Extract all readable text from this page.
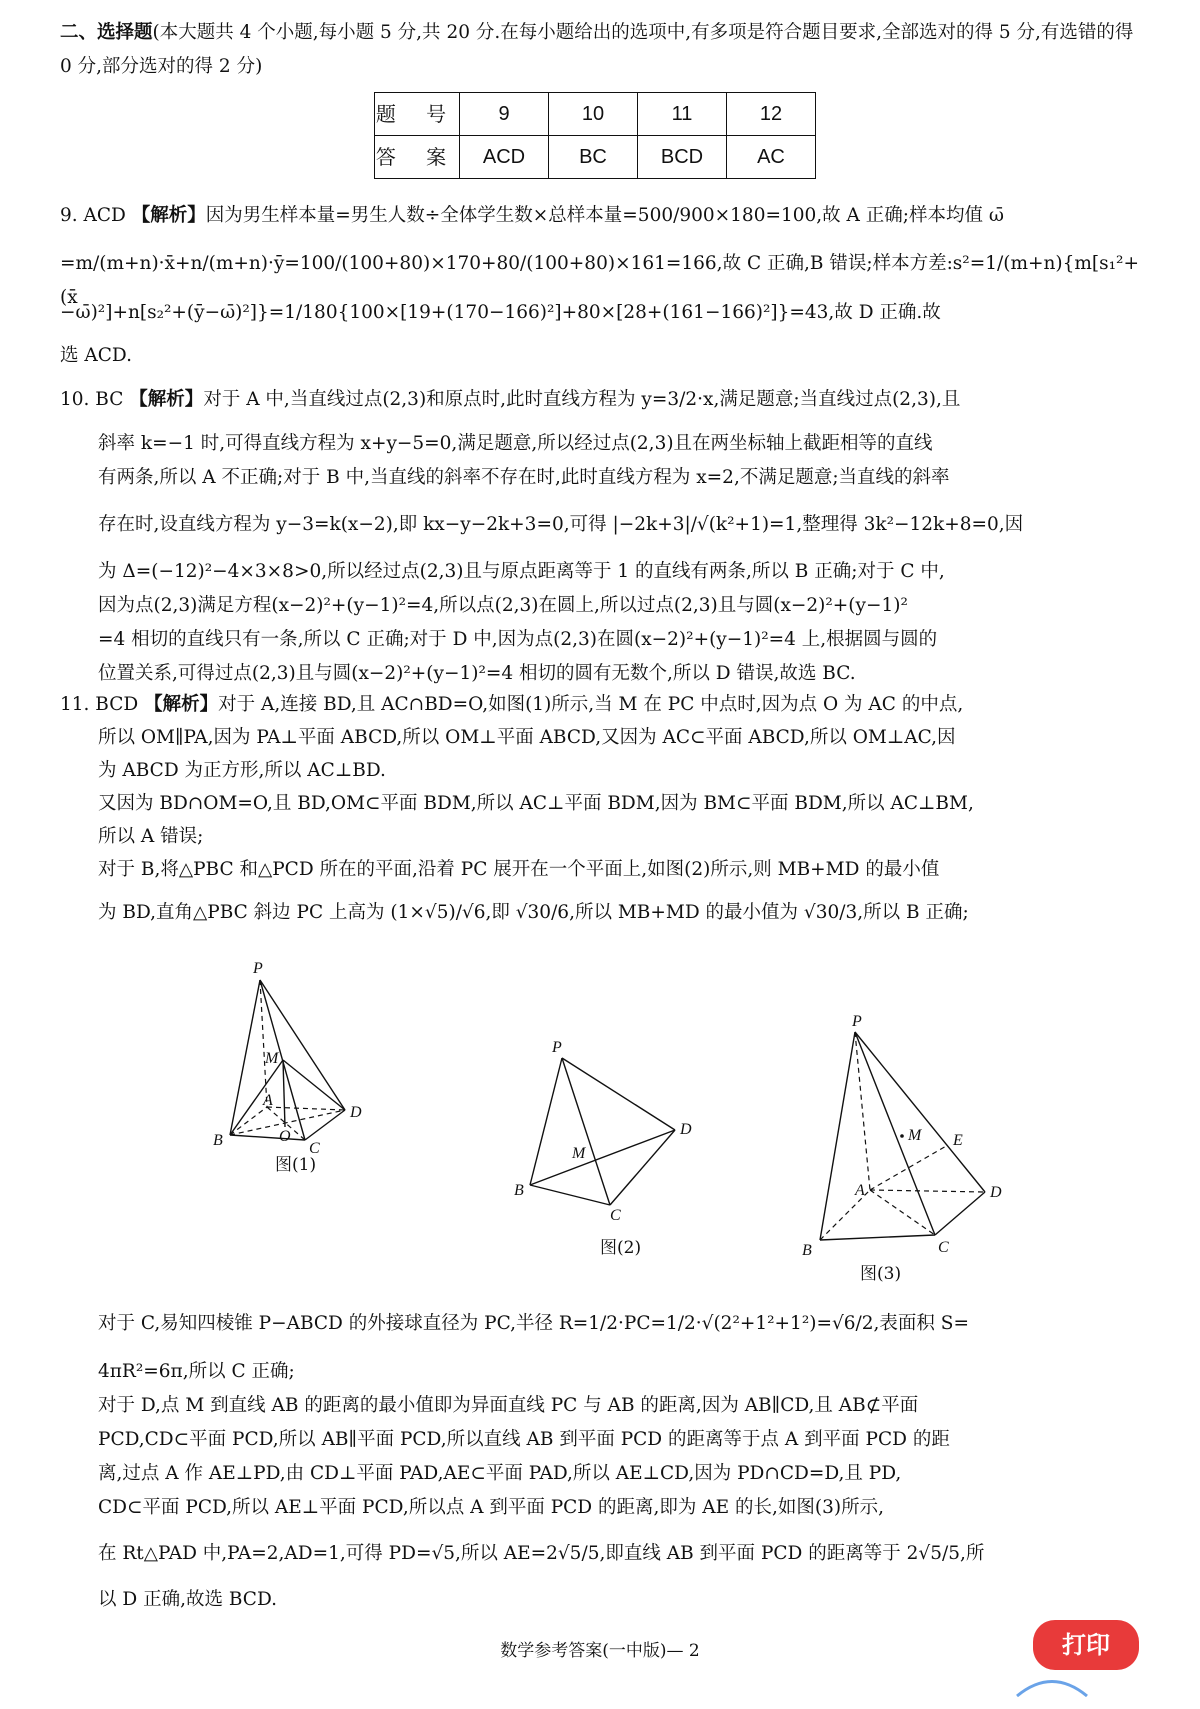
二、选择题(本大题共 4 个小题,每小题 5 分,共 20 分.在每小题给出的选项中,有多项是符合题目要求,全部选对的得 5 分,有选错的得 0 分,部分选对的得 2 分)

题 号	9	10	11	12
答 案	ACD	BC	BCD	AC

9. ACD 【解析】因为男生样本量=男生人数÷全体学生数×总样本量=500/900×180=100,故 A 正确;样本均值 ω̄

=m/(m+n)·x̄+n/(m+n)·ȳ=100/(100+80)×170+80/(100+80)×161=166,故 C 正确,B 错误;样本方差:s²=1/(m+n){m[s₁²+(x̄

−ω̄)²]+n[s₂²+(ȳ−ω̄)²]}=1/180{100×[19+(170−166)²]+80×[28+(161−166)²]}=43,故 D 正确.故

选 ACD.

10. BC 【解析】对于 A 中,当直线过点(2,3)和原点时,此时直线方程为 y=3/2·x,满足题意;当直线过点(2,3),且

斜率 k=−1 时,可得直线方程为 x+y−5=0,满足题意,所以经过点(2,3)且在两坐标轴上截距相等的直线

有两条,所以 A 不正确;对于 B 中,当直线的斜率不存在时,此时直线方程为 x=2,不满足题意;当直线的斜率

存在时,设直线方程为 y−3=k(x−2),即 kx−y−2k+3=0,可得 |−2k+3|/√(k²+1)=1,整理得 3k²−12k+8=0,因

为 Δ=(−12)²−4×3×8>0,所以经过点(2,3)且与原点距离等于 1 的直线有两条,所以 B 正确;对于 C 中,

因为点(2,3)满足方程(x−2)²+(y−1)²=4,所以点(2,3)在圆上,所以过点(2,3)且与圆(x−2)²+(y−1)²

=4 相切的直线只有一条,所以 C 正确;对于 D 中,因为点(2,3)在圆(x−2)²+(y−1)²=4 上,根据圆与圆的

位置关系,可得过点(2,3)且与圆(x−2)²+(y−1)²=4 相切的圆有无数个,所以 D 错误,故选 BC.

11. BCD 【解析】对于 A,连接 BD,且 AC∩BD=O,如图(1)所示,当 M 在 PC 中点时,因为点 O 为 AC 的中点,

所以 OM∥PA,因为 PA⊥平面 ABCD,所以 OM⊥平面 ABCD,又因为 AC⊂平面 ABCD,所以 OM⊥AC,因

为 ABCD 为正方形,所以 AC⊥BD.

又因为 BD∩OM=O,且 BD,OM⊂平面 BDM,所以 AC⊥平面 BDM,因为 BM⊂平面 BDM,所以 AC⊥BM,

所以 A 错误;

对于 B,将△PBC 和△PCD 所在的平面,沿着 PC 展开在一个平面上,如图(2)所示,则 MB+MD 的最小值

为 BD,直角△PBC 斜边 PC 上高为 (1×√5)/√6,即 √30/6,所以 MB+MD 的最小值为 √30/3,所以 B 正确;

P
M
A
D
B	O
C
图(1)
P
D
M
B
C
图(2)
P
M E
A	D
B	C
图(3)

对于 C,易知四棱锥 P−ABCD 的外接球直径为 PC,半径 R=1/2·PC=1/2·√(2²+1²+1²)=√6/2,表面积 S=

4πR²=6π,所以 C 正确;

对于 D,点 M 到直线 AB 的距离的最小值即为异面直线 PC 与 AB 的距离,因为 AB∥CD,且 AB⊄平面

PCD,CD⊂平面 PCD,所以 AB∥平面 PCD,所以直线 AB 到平面 PCD 的距离等于点 A 到平面 PCD 的距

离,过点 A 作 AE⊥PD,由 CD⊥平面 PAD,AE⊂平面 PAD,所以 AE⊥CD,因为 PD∩CD=D,且 PD,

CD⊂平面 PCD,所以 AE⊥平面 PCD,所以点 A 到平面 PCD 的距离,即为 AE 的长,如图(3)所示,

在 Rt△PAD 中,PA=2,AD=1,可得 PD=√5,所以 AE=2√5/5,即直线 AB 到平面 PCD 的距离等于 2√5/5,所

以 D 正确,故选 BCD.

数学参考答案(一中版)— 2	打印
